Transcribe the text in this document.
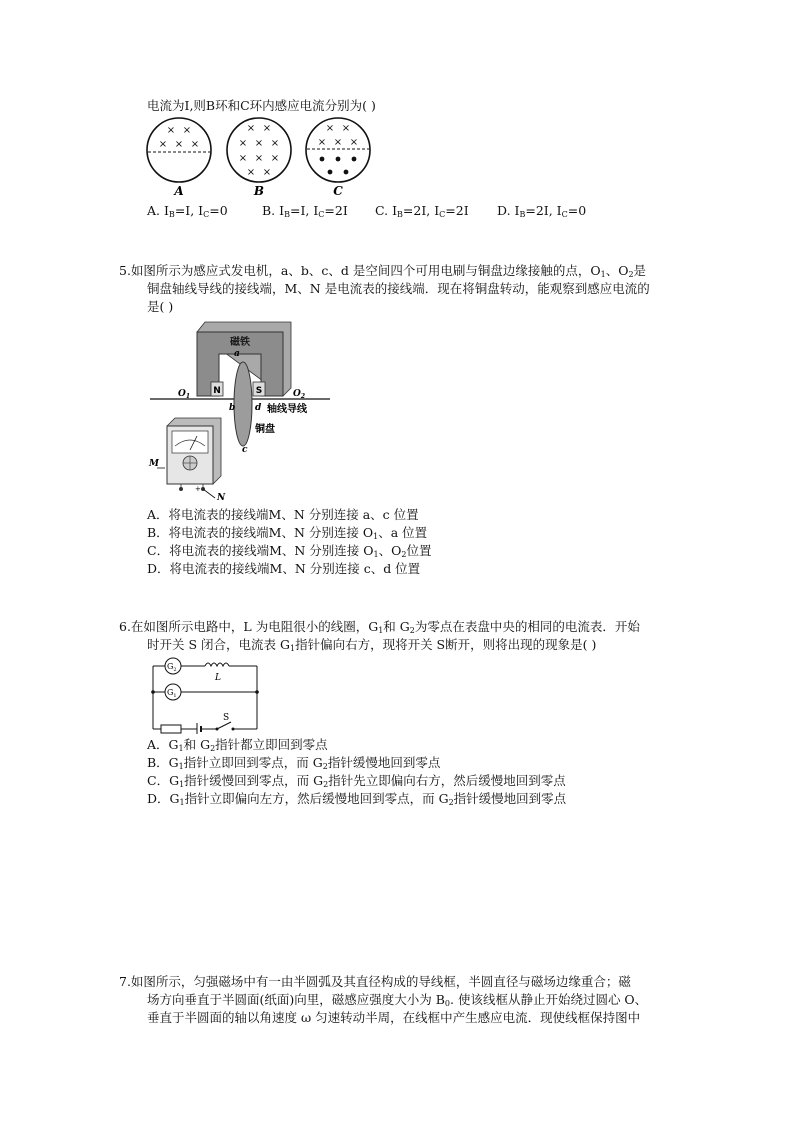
电流为I,则B环和C环内感应电流分别为( )
× ×
× × ×
× ×
× × ×
× × ×
× ×
× ×
× × ×
A	B	C
A. $I_B=I$, $I_C=0$	B. $I_B=I$, $I_C=2I$ C. $I_B=2I$, $I_C=2I$ D. $I_B=2I$, $I_C=0$
5.如图所示为感应式发电机，a、b、c、d 是空间四个可用电刷与铜盘边缘接触的点，$O_1$、$O_2$是
铜盘轴线导线的接线端，M、N 是电流表的接线端．现在将铜盘转动，能观察到感应电流的
是( )
N	S
磁铁
a
b d
c
$O_1$	$O_2$
轴线导线
铜盘
+
M
N
A．将电流表的接线端M、N 分别连接 a、c 位置
B．将电流表的接线端M、N 分别连接 $O_1$、a 位置
C．将电流表的接线端M、N 分别连接 $O_1$、$O_2$位置
D．将电流表的接线端M、N 分别连接 c、d 位置
6.在如图所示电路中，L 为电阻很小的线圈，$G_1$和 $G_2$为零点在表盘中央的相同的电流表．开始
时开关 S 闭合，电流表 $G_1$指针偏向右方，现将开关 S断开，则将出现的现象是( )
$G_2$
$G_1$
L
S
A．$G_1$和 $G_2$指针都立即回到零点
B．$G_1$指针立即回到零点，而 $G_2$指针缓慢地回到零点
C．$G_1$指针缓慢回到零点，而 $G_2$指针先立即偏向右方，然后缓慢地回到零点
D．$G_1$指针立即偏向左方，然后缓慢地回到零点，而 $G_2$指针缓慢地回到零点
7.如图所示，匀强磁场中有一由半圆弧及其直径构成的导线框，半圆直径与磁场边缘重合；磁
场方向垂直于半圆面(纸面)向里，磁感应强度大小为 $B_0$. 使该线框从静止开始绕过圆心 O、
垂直于半圆面的轴以角速度 ω 匀速转动半周，在线框中产生感应电流．现使线框保持图中
